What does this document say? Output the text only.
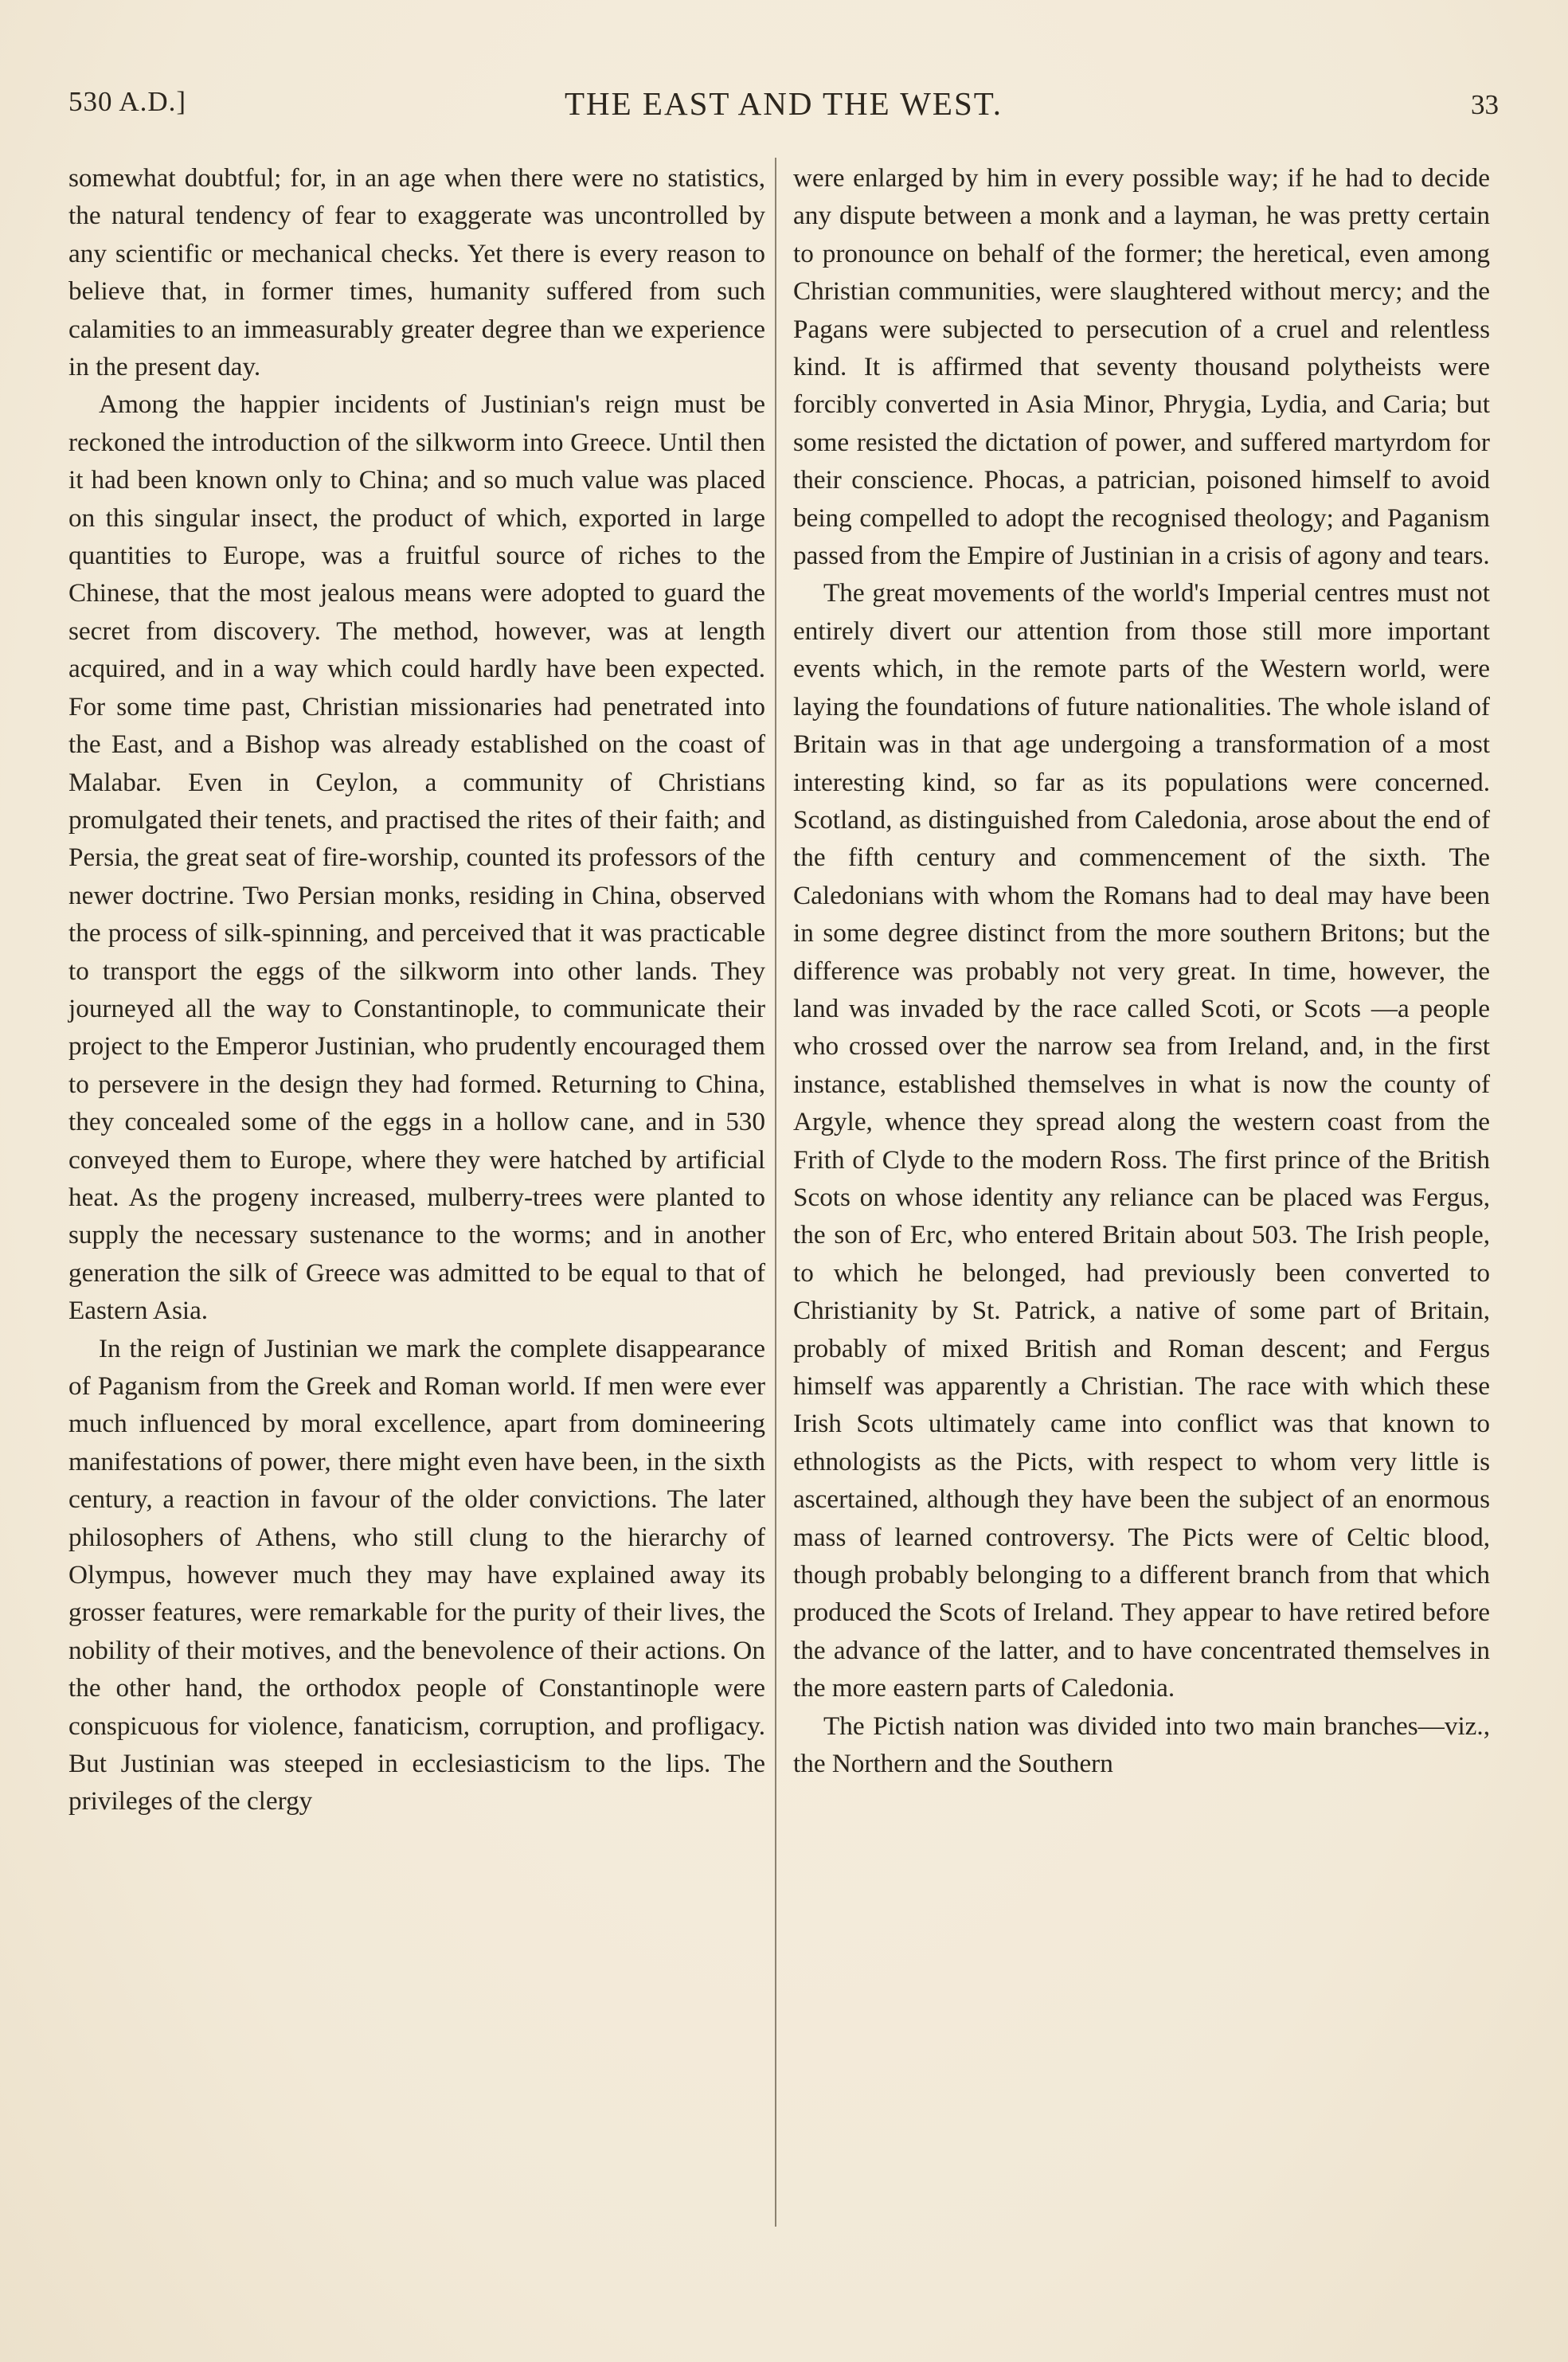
530 A.D.]	THE EAST AND THE WEST.	33

somewhat doubtful; for, in an age when there were no statistics, the natural tendency of fear to exaggerate was uncontrolled by any scientific or mechanical checks. Yet there is every reason to believe that, in former times, humanity suffered from such calamities to an immeasurably greater degree than we experience in the present day.

Among the happier incidents of Justinian's reign must be reckoned the introduction of the silkworm into Greece. Until then it had been known only to China; and so much value was placed on this singular insect, the product of which, exported in large quantities to Europe, was a fruitful source of riches to the Chinese, that the most jealous means were adopted to guard the secret from discovery. The method, however, was at length acquired, and in a way which could hardly have been expected. For some time past, Christian missionaries had penetrated into the East, and a Bishop was already established on the coast of Malabar. Even in Ceylon, a community of Christians promulgated their tenets, and practised the rites of their faith; and Persia, the great seat of fire-worship, counted its professors of the newer doctrine. Two Persian monks, residing in China, observed the process of silk-spinning, and perceived that it was practicable to transport the eggs of the silkworm into other lands. They journeyed all the way to Constantinople, to communicate their project to the Emperor Justinian, who prudently encouraged them to persevere in the design they had formed. Returning to China, they concealed some of the eggs in a hollow cane, and in 530 conveyed them to Europe, where they were hatched by artificial heat. As the progeny increased, mulberry-trees were planted to supply the necessary sustenance to the worms; and in another generation the silk of Greece was admitted to be equal to that of Eastern Asia.

In the reign of Justinian we mark the complete disappearance of Paganism from the Greek and Roman world. If men were ever much influenced by moral excellence, apart from domineering manifestations of power, there might even have been, in the sixth century, a reaction in favour of the older convictions. The later philosophers of Athens, who still clung to the hierarchy of Olympus, however much they may have explained away its grosser features, were remarkable for the purity of their lives, the nobility of their motives, and the benevolence of their actions. On the other hand, the orthodox people of Constantinople were conspicuous for violence, fanaticism, corruption, and profligacy. But Justinian was steeped in ecclesiasticism to the lips. The privileges of the clergy

were enlarged by him in every possible way; if he had to decide any dispute between a monk and a layman, he was pretty certain to pronounce on behalf of the former; the heretical, even among Christian communities, were slaughtered without mercy; and the Pagans were subjected to persecution of a cruel and relentless kind. It is affirmed that seventy thousand polytheists were forcibly converted in Asia Minor, Phrygia, Lydia, and Caria; but some resisted the dictation of power, and suffered martyrdom for their conscience. Phocas, a patrician, poisoned himself to avoid being compelled to adopt the recognised theology; and Paganism passed from the Empire of Justinian in a crisis of agony and tears.

The great movements of the world's Imperial centres must not entirely divert our attention from those still more important events which, in the remote parts of the Western world, were laying the foundations of future nationalities. The whole island of Britain was in that age undergoing a transformation of a most interesting kind, so far as its populations were concerned. Scotland, as distinguished from Caledonia, arose about the end of the fifth century and commencement of the sixth. The Caledonians with whom the Romans had to deal may have been in some degree distinct from the more southern Britons; but the difference was probably not very great. In time, however, the land was invaded by the race called Scoti, or Scots —a people who crossed over the narrow sea from Ireland, and, in the first instance, established themselves in what is now the county of Argyle, whence they spread along the western coast from the Frith of Clyde to the modern Ross. The first prince of the British Scots on whose identity any reliance can be placed was Fergus, the son of Erc, who entered Britain about 503. The Irish people, to which he belonged, had previously been converted to Christianity by St. Patrick, a native of some part of Britain, probably of mixed British and Roman descent; and Fergus himself was apparently a Christian. The race with which these Irish Scots ultimately came into conflict was that known to ethnologists as the Picts, with respect to whom very little is ascertained, although they have been the subject of an enormous mass of learned controversy. The Picts were of Celtic blood, though probably belonging to a different branch from that which produced the Scots of Ireland. They appear to have retired before the advance of the latter, and to have concentrated themselves in the more eastern parts of Caledonia.

The Pictish nation was divided into two main branches—viz., the Northern and the Southern
